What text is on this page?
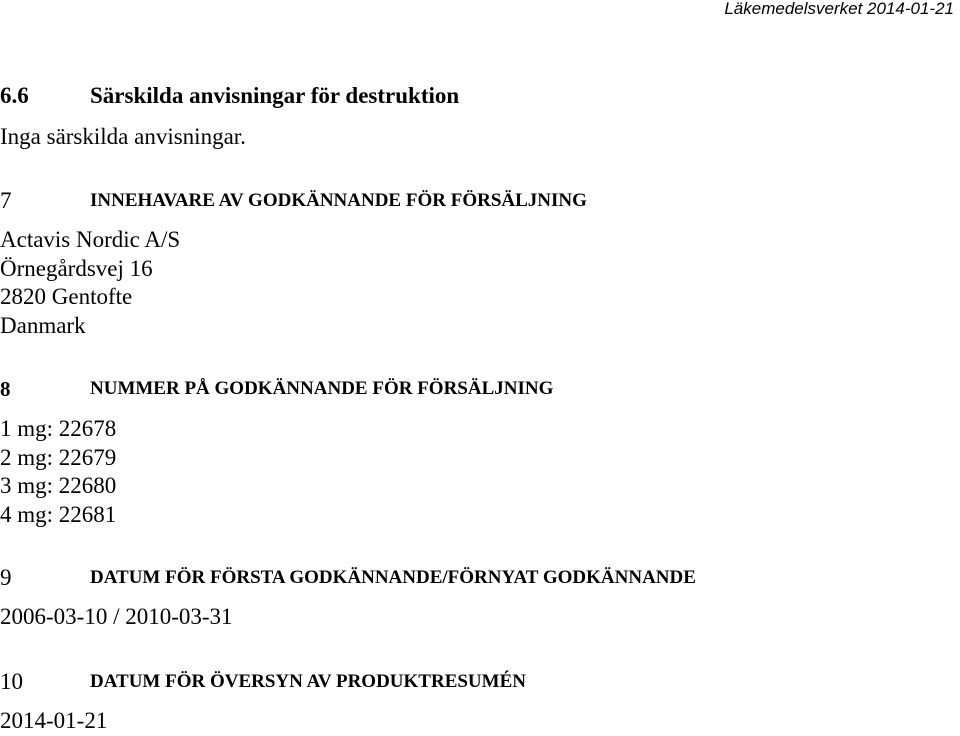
Läkemedelsverket 2014-01-21
6.6	Särskilda anvisningar för destruktion
Inga särskilda anvisningar.
7	INNEHAVARE AV GODKÄNNANDE FÖR FÖRSÄLJNING
Actavis Nordic A/S
Örnegårdsvej 16
2820 Gentofte
Danmark
8	NUMMER PÅ GODKÄNNANDE FÖR FÖRSÄLJNING
1 mg: 22678
2 mg: 22679
3 mg: 22680
4 mg: 22681
9	DATUM FÖR FÖRSTA GODKÄNNANDE/FÖRNYAT GODKÄNNANDE
2006-03-10 / 2010-03-31
10	DATUM FÖR ÖVERSYN AV PRODUKTRESUMÉN
2014-01-21
